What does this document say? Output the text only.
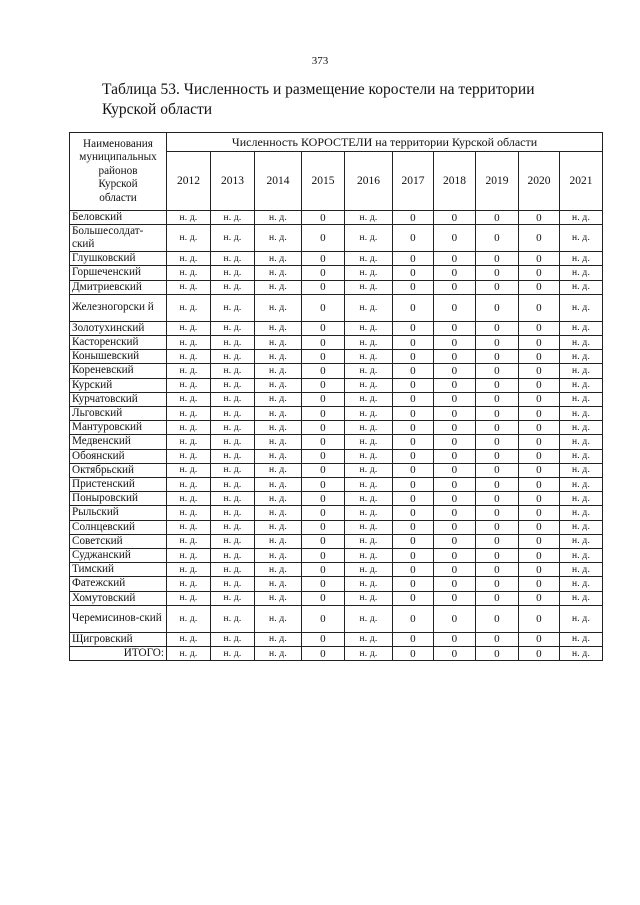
373
Таблица 53. Численность и размещение коростели на территории Курской области
Наименования
муниципальных
районов
Курской
области	Численность КОРОСТЕЛИ на территории Курской области									
	2012	2013	2014	2015	2016	2017	2018	2019	2020	2021
Беловский	н. д.	н. д.	н. д.	0	н. д.	0	0	0	0	н. д.
Большесолдат-ский	н. д.	н. д.	н. д.	0	н. д.	0	0	0	0	н. д.
Глушковский	н. д.	н. д.	н. д.	0	н. д.	0	0	0	0	н. д.
Горшеченский	н. д.	н. д.	н. д.	0	н. д.	0	0	0	0	н. д.
Дмитриевский	н. д.	н. д.	н. д.	0	н. д.	0	0	0	0	н. д.
Железногорски й	н. д.	н. д.	н. д.	0	н. д.	0	0	0	0	н. д.
Золотухинский	н. д.	н. д.	н. д.	0	н. д.	0	0	0	0	н. д.
Касторенский	н. д.	н. д.	н. д.	0	н. д.	0	0	0	0	н. д.
Конышевский	н. д.	н. д.	н. д.	0	н. д.	0	0	0	0	н. д.
Кореневский	н. д.	н. д.	н. д.	0	н. д.	0	0	0	0	н. д.
Курский	н. д.	н. д.	н. д.	0	н. д.	0	0	0	0	н. д.
Курчатовский	н. д.	н. д.	н. д.	0	н. д.	0	0	0	0	н. д.
Льговский	н. д.	н. д.	н. д.	0	н. д.	0	0	0	0	н. д.
Мантуровский	н. д.	н. д.	н. д.	0	н. д.	0	0	0	0	н. д.
Медвенский	н. д.	н. д.	н. д.	0	н. д.	0	0	0	0	н. д.
Обоянский	н. д.	н. д.	н. д.	0	н. д.	0	0	0	0	н. д.
Октябрьский	н. д.	н. д.	н. д.	0	н. д.	0	0	0	0	н. д.
Пристенский	н. д.	н. д.	н. д.	0	н. д.	0	0	0	0	н. д.
Поныровский	н. д.	н. д.	н. д.	0	н. д.	0	0	0	0	н. д.
Рыльский	н. д.	н. д.	н. д.	0	н. д.	0	0	0	0	н. д.
Солнцевский	н. д.	н. д.	н. д.	0	н. д.	0	0	0	0	н. д.
Советский	н. д.	н. д.	н. д.	0	н. д.	0	0	0	0	н. д.
Суджанский	н. д.	н. д.	н. д.	0	н. д.	0	0	0	0	н. д.
Тимский	н. д.	н. д.	н. д.	0	н. д.	0	0	0	0	н. д.
Фатежский	н. д.	н. д.	н. д.	0	н. д.	0	0	0	0	н. д.
Хомутовский	н. д.	н. д.	н. д.	0	н. д.	0	0	0	0	н. д.
Черемисинов-ский	н. д.	н. д.	н. д.	0	н. д.	0	0	0	0	н. д.
Щигровский	н. д.	н. д.	н. д.	0	н. д.	0	0	0	0	н. д.
ИТОГО:	н. д.	н. д.	н. д.	0	н. д.	0	0	0	0	н. д.
